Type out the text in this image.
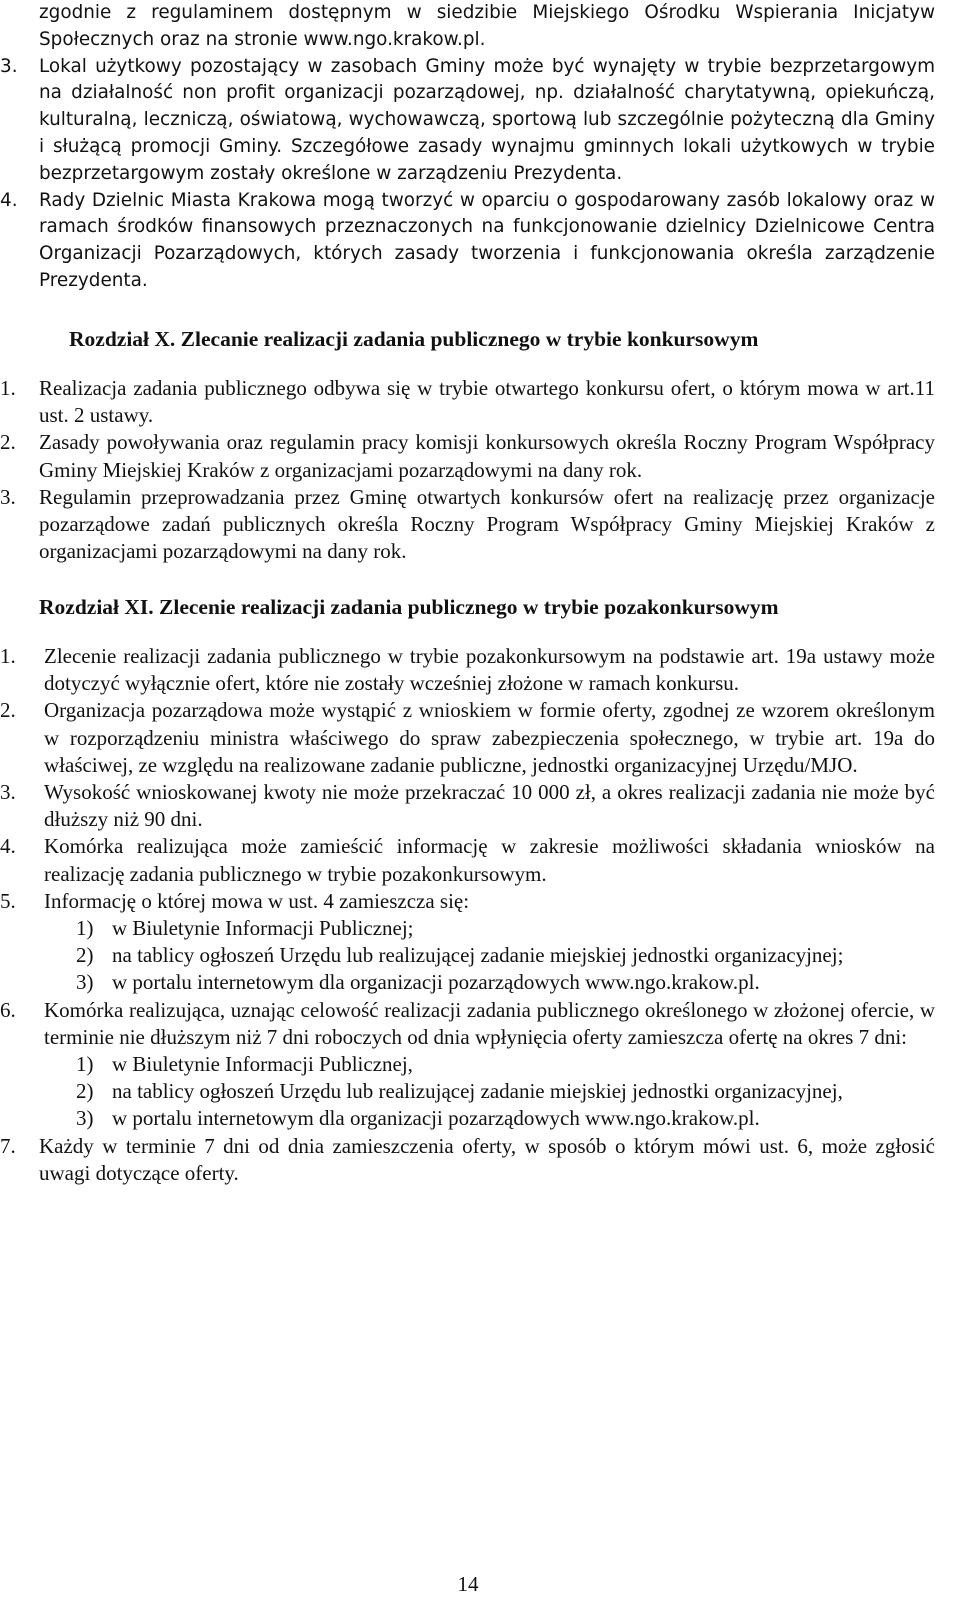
zgodnie z regulaminem dostępnym w siedzibie Miejskiego Ośrodku Wspierania Inicjatyw Społecznych oraz na stronie www.ngo.krakow.pl.
3. Lokal użytkowy pozostający w zasobach Gminy może być wynajęty w trybie bezprzetargowym na działalność non profit organizacji pozarządowej, np. działalność charytatywną, opiekuńczą, kulturalną, leczniczą, oświatową, wychowawczą, sportową lub szczególnie pożyteczną dla Gminy i służącą promocji Gminy. Szczegółowe zasady wynajmu gminnych lokali użytkowych w trybie bezprzetargowym zostały określone w zarządzeniu Prezydenta.
4. Rady Dzielnic Miasta Krakowa mogą tworzyć w oparciu o gospodarowany zasób lokalowy oraz w ramach środków finansowych przeznaczonych na funkcjonowanie dzielnicy Dzielnicowe Centra Organizacji Pozarządowych, których zasady tworzenia i funkcjonowania określa zarządzenie Prezydenta.
Rozdział X. Zlecanie realizacji zadania publicznego w trybie konkursowym
1. Realizacja zadania publicznego odbywa się w trybie otwartego konkursu ofert, o którym mowa w art.11 ust. 2 ustawy.
2. Zasady powoływania oraz regulamin pracy komisji konkursowych określa Roczny Program Współpracy Gminy Miejskiej Kraków z organizacjami pozarządowymi na dany rok.
3. Regulamin przeprowadzania przez Gminę otwartych konkursów ofert na realizację przez organizacje pozarządowe zadań publicznych określa Roczny Program Współpracy Gminy Miejskiej Kraków z organizacjami pozarządowymi na dany rok.
Rozdział XI. Zlecenie realizacji zadania publicznego w trybie pozakonkursowym
1. Zlecenie realizacji zadania publicznego w trybie pozakonkursowym na podstawie art. 19a ustawy może dotyczyć wyłącznie ofert, które nie zostały wcześniej złożone w ramach konkursu.
2. Organizacja pozarządowa może wystąpić z wnioskiem w formie oferty, zgodnej ze wzorem określonym w rozporządzeniu ministra właściwego do spraw zabezpieczenia społecznego, w trybie art. 19a do właściwej, ze względu na realizowane zadanie publiczne, jednostki organizacyjnej Urzędu/MJO.
3. Wysokość wnioskowanej kwoty nie może przekraczać 10 000 zł, a okres realizacji zadania nie może być dłuższy niż 90 dni.
4. Komórka realizująca może zamieścić informację w zakresie możliwości składania wniosków na realizację zadania publicznego w trybie pozakonkursowym.
5. Informację o której mowa w ust. 4 zamieszcza się:
1) w Biuletynie Informacji Publicznej;
2) na tablicy ogłoszeń Urzędu lub realizującej zadanie miejskiej jednostki organizacyjnej;
3) w portalu internetowym dla organizacji pozarządowych www.ngo.krakow.pl.
6. Komórka realizująca, uznając celowość realizacji zadania publicznego określonego w złożonej ofercie, w terminie nie dłuższym niż 7 dni roboczych od dnia wpłynięcia oferty zamieszcza ofertę na okres 7 dni:
1) w Biuletynie Informacji Publicznej,
2) na tablicy ogłoszeń Urzędu lub realizującej zadanie miejskiej jednostki organizacyjnej,
3) w portalu internetowym dla organizacji pozarządowych www.ngo.krakow.pl.
7. Każdy w terminie 7 dni od dnia zamieszczenia oferty, w sposób o którym mówi ust. 6, może zgłosić uwagi dotyczące oferty.
14
